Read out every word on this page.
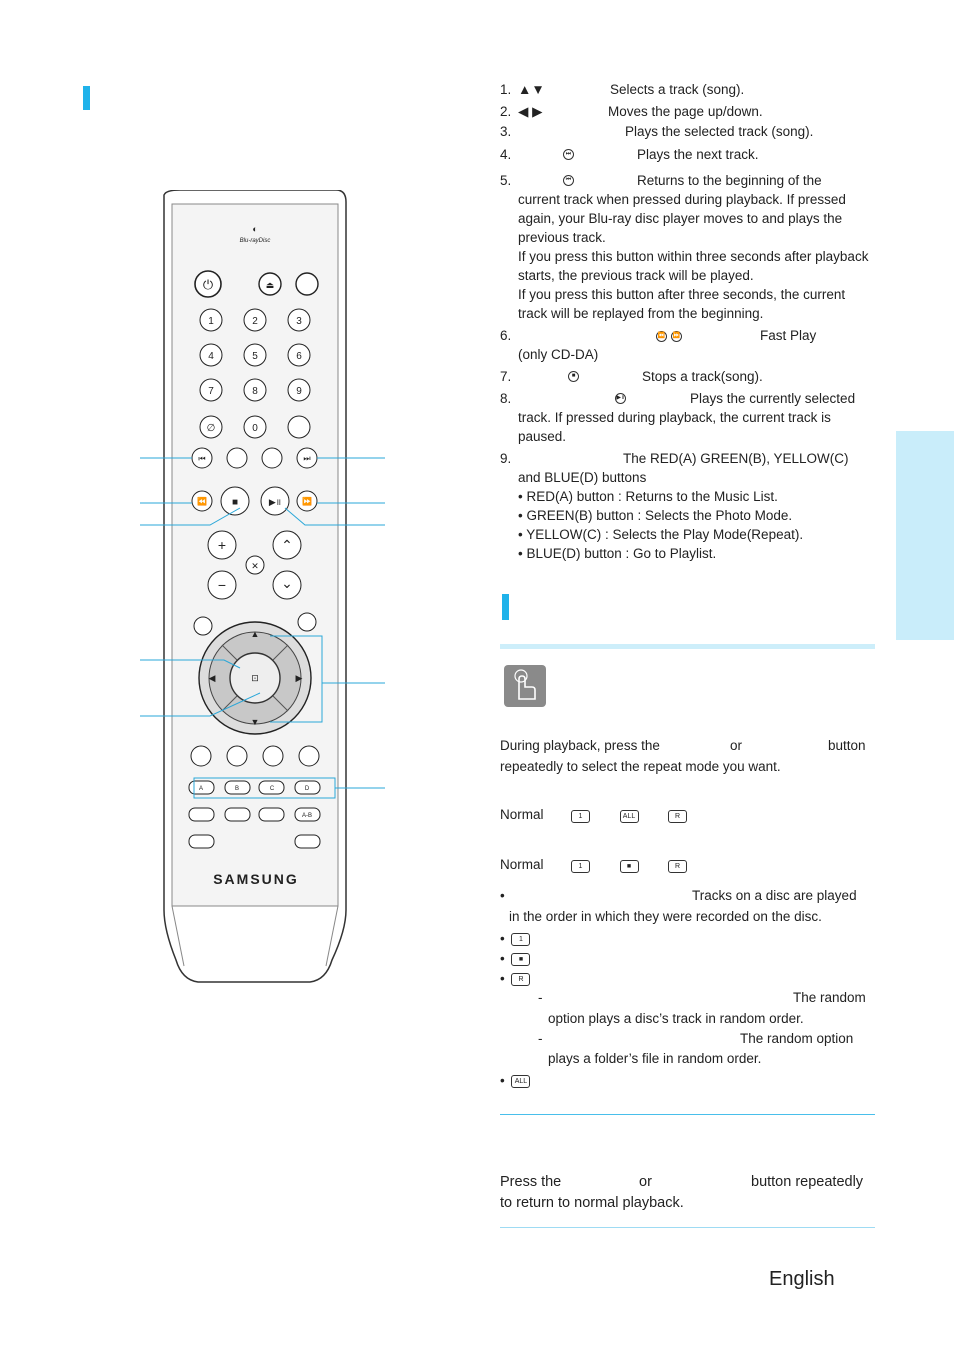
◐
Blu-rayDisc
⏻	⏏
1	2	3
4	5	6
7	8	9
∅	0
⏮	⏭
⏪ ■	▶॥	⏩
+
−
⌃
⌄
✕
▲
▼
◀	▶
⊡
A	B	C	D
A-B
SAMSUNG
1. ▲▼	Selects a track (song).
2. ◀ ▶	Moves the page up/down.
3.	Plays the selected track (song).
4.	⏭	Plays the next track.
5.	⏮	Returns to the beginning of the
current track when pressed during playback. If pressed again, your Blu-ray disc player moves to and plays the previous track.
If you press this button within three seconds after playback starts, the previous track will be played.
If you press this button after three seconds, the current track will be replayed from the beginning.
6.	⏪ ⏩	Fast Play
(only CD-DA)
7.	■	Stops a track(song).
8.	▶॥	Plays the currently selected
track. If pressed during playback, the current track is paused.
9.	The RED(A) GREEN(B), YELLOW(C)
and BLUE(D) buttons
• RED(A) button : Returns to the Music List.
• GREEN(B) button : Selects the Photo Mode.
• YELLOW(C) : Selects the Play Mode(Repeat).
• BLUE(D) button : Go to Playlist.
During playback, press the	or	button
repeatedly to select the repeat mode you want.
Normal	1	ALL	R
Normal	1	■	R
•	Tracks on a disc are played
in the order in which they were recorded on the disc.
• 1
• ■
• R
-	The random
option plays a disc’s track in random order.
-	The random option
plays a folder’s file in random order.
• ALL
Press the	or	button repeatedly
to return to normal playback.
English
